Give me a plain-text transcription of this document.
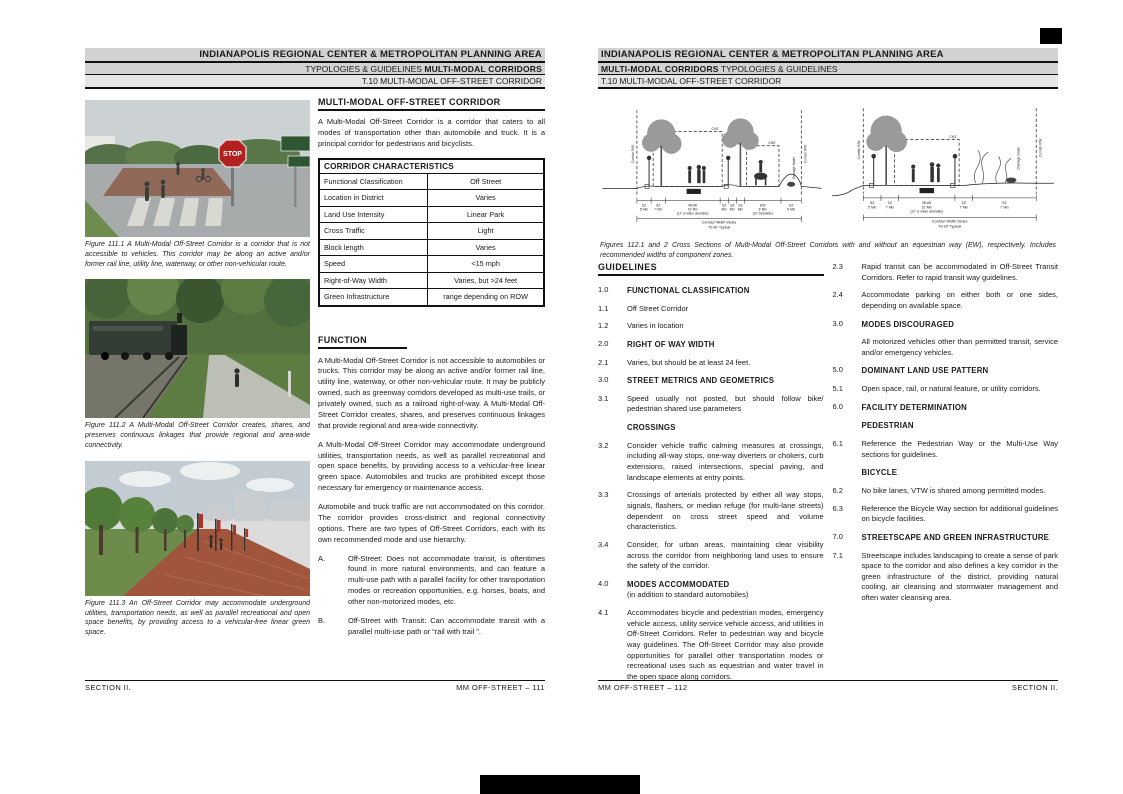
INDIANAPOLIS REGIONAL CENTER & METROPOLITAN PLANNING AREA
TYPOLOGIES & GUIDELINES MULTI-MODAL CORRIDORS
T.10 MULTI-MODAL OFF-STREET CORRIDOR
STOP
Figure 111.1 A Multi-Modal Off-Street Corridor is a corridor that is not accessible to vehicles. This corridor may be along an active and/or former rail line, utility line, waterway, or other non-vehicular route.
Figure 111.2 A Multi-Modal Off-Street Corridor creates, shares, and preserves continuous linkages that provide regional and area-wide connectivity.
Figure 111.3 An Off-Street Corridor may accommodate underground utilities, transportation needs, as well as parallel recreational and open space benefits, by providing access to a vehicular-free linear green space.
MULTI-MODAL OFF-STREET CORRIDOR

A Multi-Modal Off-Street Corridor is a corridor that caters to all modes of transportation other than automobile and truck. It is a principal corridor for pedestrians and bicyclists.

CORRIDOR CHARACTERISTICS	
Functional Classification	Off Street
Location in District	Varies
Land Use Intensity	Linear Park
Cross Traffic	Light
Block length	Varies
Speed	<15 mph
Right-of-Way Width	Varies, but >24 feet
Green Infrastructure	range depending on ROW
FUNCTION

A Multi-Modal Off-Street Corridor is not accessible to automobiles or trucks. This corridor may be along an active and/or former rail line, utility line, waterway, or other non-vehicular route. It may be publicly owned, such as greenway corridors developed as multi-use trails, or privately owned, such as a railroad right-of-way. A Multi-Modal Off-Street Corridor creates, shares, and preserves continuous linkages that provide regional and area-wide connectivity.

A Multi-Modal Off-Street Corridor may accommodate underground utilities, transportation needs, as well as parallel recreational and open space benefits, by providing access to a vehicular-free linear green space. Automobiles and trucks are prohibited except those necessary for emergency or maintenance access.

Automobile and truck traffic are not accommodated on this corridor. The corridor provides cross-district and regional connectivity options. There are two types of Off-Street Corridors, each with its own recommended mode and use hierarchy.

A.	Off-Street: Does not accommodate transit, is oftentimes found in more natural environments, and can feature a multi-use path with a parallel facility for other transportation modes or recreation opportunities, e.g. horses, boats, and other non-motorized modes, etc.
B.	Off-Street with Transit: Can accommodate transit with a parallel multi-use path or “rail with trail ”.
SECTION II.	MM OFF-STREET – 111
INDIANAPOLIS REGIONAL CENTER & METROPOLITAN PLANNING AREA
MULTI-MODAL CORRIDORS TYPOLOGIES & GUIDELINES
T.10 MULTI-MODAL OFF-STREET CORRIDOR
SZ	SZ	MUW	SZ SZ SZ	EW	SZ
5' Min 7' Min	10' Min	Min Min Min	8' Min	5' Min
(12' or wider desirable)	(10' Desirable)
Corridor Width Varies
70-90' Typical
Corridor R/W	Corridor R/W
CHZ
CHZ
Drainage Swale
SZ	SZ	MUW	SZ	SZ
5' Min	7' Min	10' Min	7' Min	7' Min
(12' or wider desirable)
Corridor Width Varies
70-90' Typical
Corridor R/W	Corridor R/W
CHZ
Drainage Swale

Figures 112.1 and 2 Cross Sections of Multi-Modal Off-Street Corridors with and without an equestrian way (EW), respectively. Includes recommended widths of component zones.

GUIDELINES
1.0	FUNCTIONAL CLASSIFICATION
1.1	Off Street Corridor
1.2	Varies in location
2.0	RIGHT OF WAY WIDTH
2.1	Varies, but should be at least 24 feet.
3.0	STREET METRICS AND GEOMETRICS
3.1	Speed usually not posted, but should follow bike/ pedestrian shared use parameters
CROSSINGS
3.2	Consider vehicle traffic calming measures at crossings, including all-way stops, one-way diverters or chokers, curb extensions, raised intersections, special paving, and landscape elements at entry points.
3.3	Crossings of arterials protected by either all way stops, signals, flashers, or median refuge (for multi-lane streets) dependent on cross street speed and volume characteristics.
3.4	Consider, for urban areas, maintaining clear visibility across the corridor from neighboring land uses to ensure the safety of the corridor.
4.0	MODES ACCOMMODATED
(in addition to standard automobiles)
4.1	Accommodates bicycle and pedestrian modes, emergency vehicle access, utility service vehicle access, and utilities in Off-Street Corridors. Refer to pedestrian way and bicycle way guidelines. The Off-Street Corridor may also provide opportunities for parallel other transportation modes or recreational uses such as equestrian and water travel in the open space along corridors.
2.3	Rapid transit can be accommodated in Off-Street Transit Corridors. Refer to rapid transit way guidelines.
2.4	Accommodate parking on either both or one sides, depending on available space.
3.0	MODES DISCOURAGED
All motorized vehicles other than permitted transit, service and/or emergency vehicles.
5.0	DOMINANT LAND USE PATTERN
5.1	Open space, rail, or natural feature, or utility corridors.
6.0	FACILITY DETERMINATION
PEDESTRIAN
6.1	Reference the Pedestrian Way or the Multi-Use Way sections for guidelines.
BICYCLE
6.2	No bike lanes, VTW is shared among permitted modes.
6.3	Reference the Bicycle Way section for additional guidelines on bicycle facilities.
7.0	STREETSCAPE AND GREEN INFRASTRUCTURE
7.1	Streetscape includes landscaping to create a sense of park space to the corridor and also defines a key corridor in the green infrastructure of the district, providing natural cooling, air cleansing and stormwater management and often water cleansing area.
MM OFF-STREET – 112	SECTION II.
